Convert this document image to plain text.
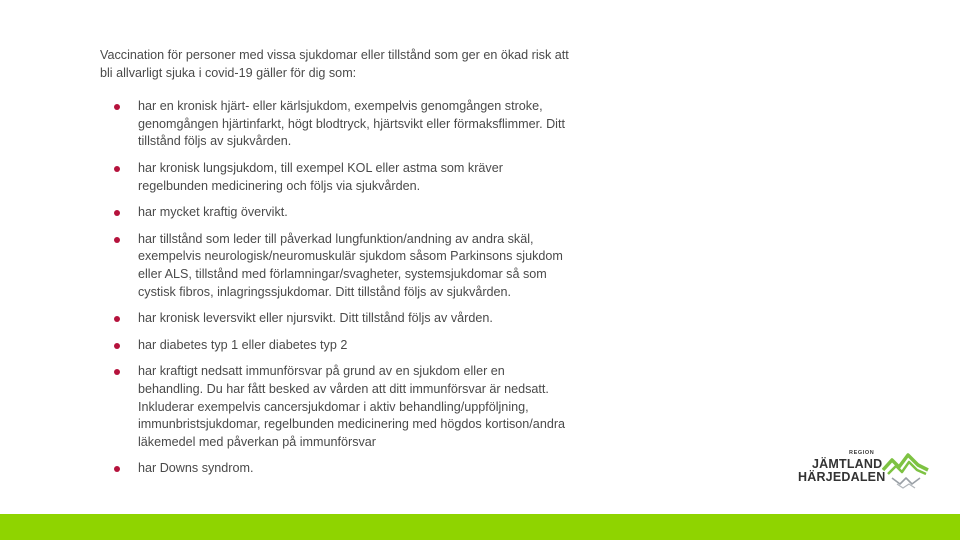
Vaccination för personer med vissa sjukdomar eller tillstånd som ger en ökad risk att bli allvarligt sjuka i covid-19 gäller för dig som:

har en kronisk hjärt- eller kärlsjukdom, exempelvis genomgången stroke, genomgången hjärtinfarkt, högt blodtryck, hjärtsvikt eller förmaksflimmer. Ditt tillstånd följs av sjukvården.
har kronisk lungsjukdom, till exempel KOL eller astma som kräver regelbunden medicinering och följs via sjukvården.
har mycket kraftig övervikt.
har tillstånd som leder till påverkad lungfunktion/andning av andra skäl, exempelvis neurologisk/neuromuskulär sjukdom såsom Parkinsons sjukdom eller ALS, tillstånd med förlamningar/svagheter, systemsjukdomar så som cystisk fibros, inlagringssjukdomar. Ditt tillstånd följs av sjukvården.
har kronisk leversvikt eller njursvikt. Ditt tillstånd följs av vården.
har diabetes typ 1 eller diabetes typ 2
har kraftigt nedsatt immunförsvar på grund av en sjukdom eller en behandling. Du har fått besked av vården att ditt immunförsvar är nedsatt. Inkluderar exempelvis cancersjukdomar i aktiv behandling/uppföljning, immunbristsjukdomar, regelbunden medicinering med högdos kortison/andra läkemedel med påverkan på immunförsvar
har Downs syndrom.
REGION
JÄMTLAND
HÄRJEDALEN
